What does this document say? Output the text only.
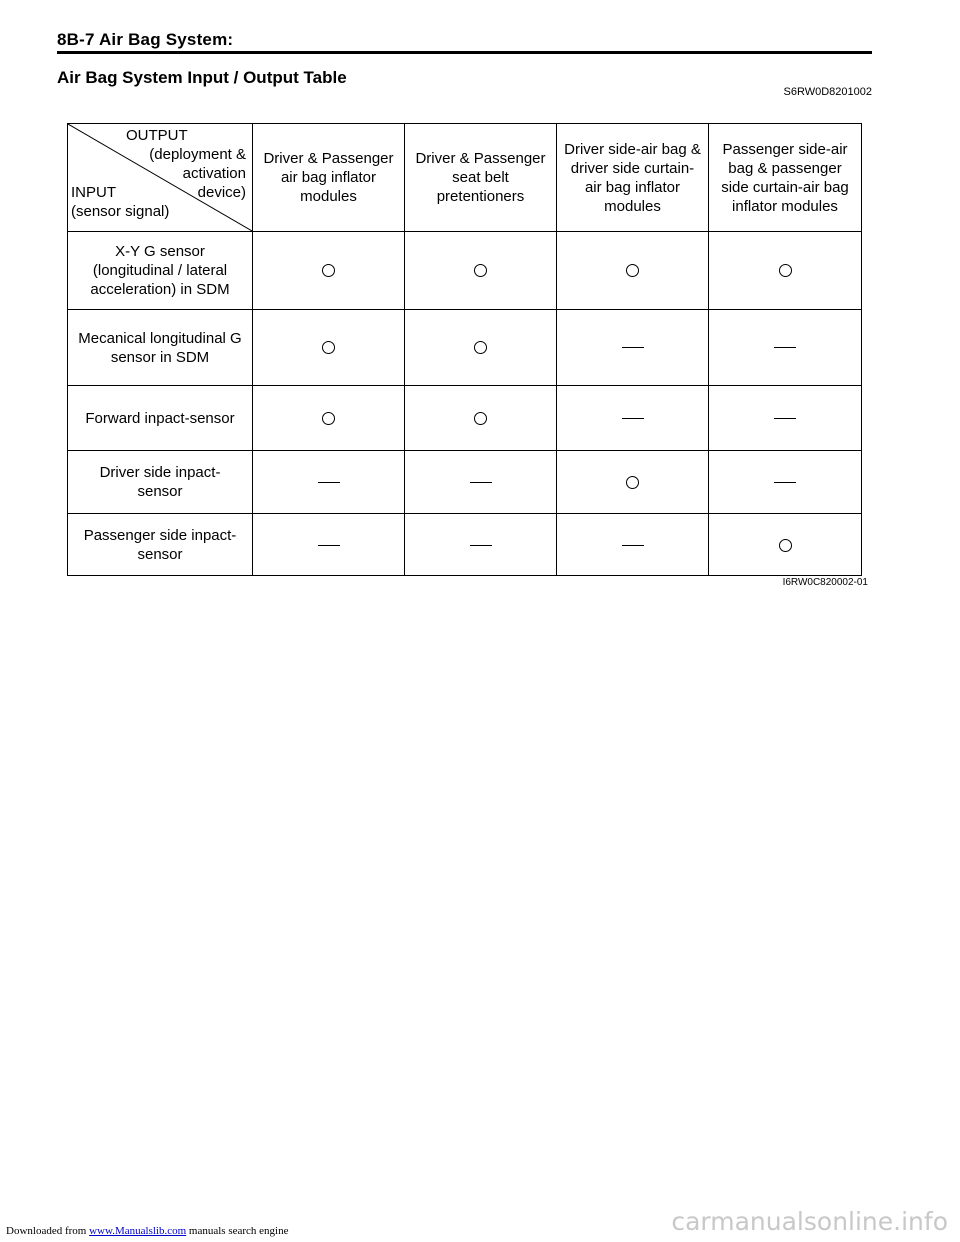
8B-7 Air Bag System:
Air Bag System Input / Output Table
S6RW0D8201002
OUTPUT
(deployment &
activation
device)
INPUT
(sensor signal)
Driver & Passenger air bag inflator modules
Driver & Passenger seat belt pretentioners
Driver side-air bag & driver side curtain-air bag inflator modules
Passenger side-air bag & passenger side curtain-air bag inflator modules
X-Y G sensor (longitudinal / lateral acceleration) in SDM
Mecanical longitudinal G sensor in SDM
Forward inpact-sensor
Driver side inpact-sensor
Passenger side inpact-sensor
I6RW0C820002-01
Downloaded from www.Manualslib.com manuals search engine	carmanualsonline.info
